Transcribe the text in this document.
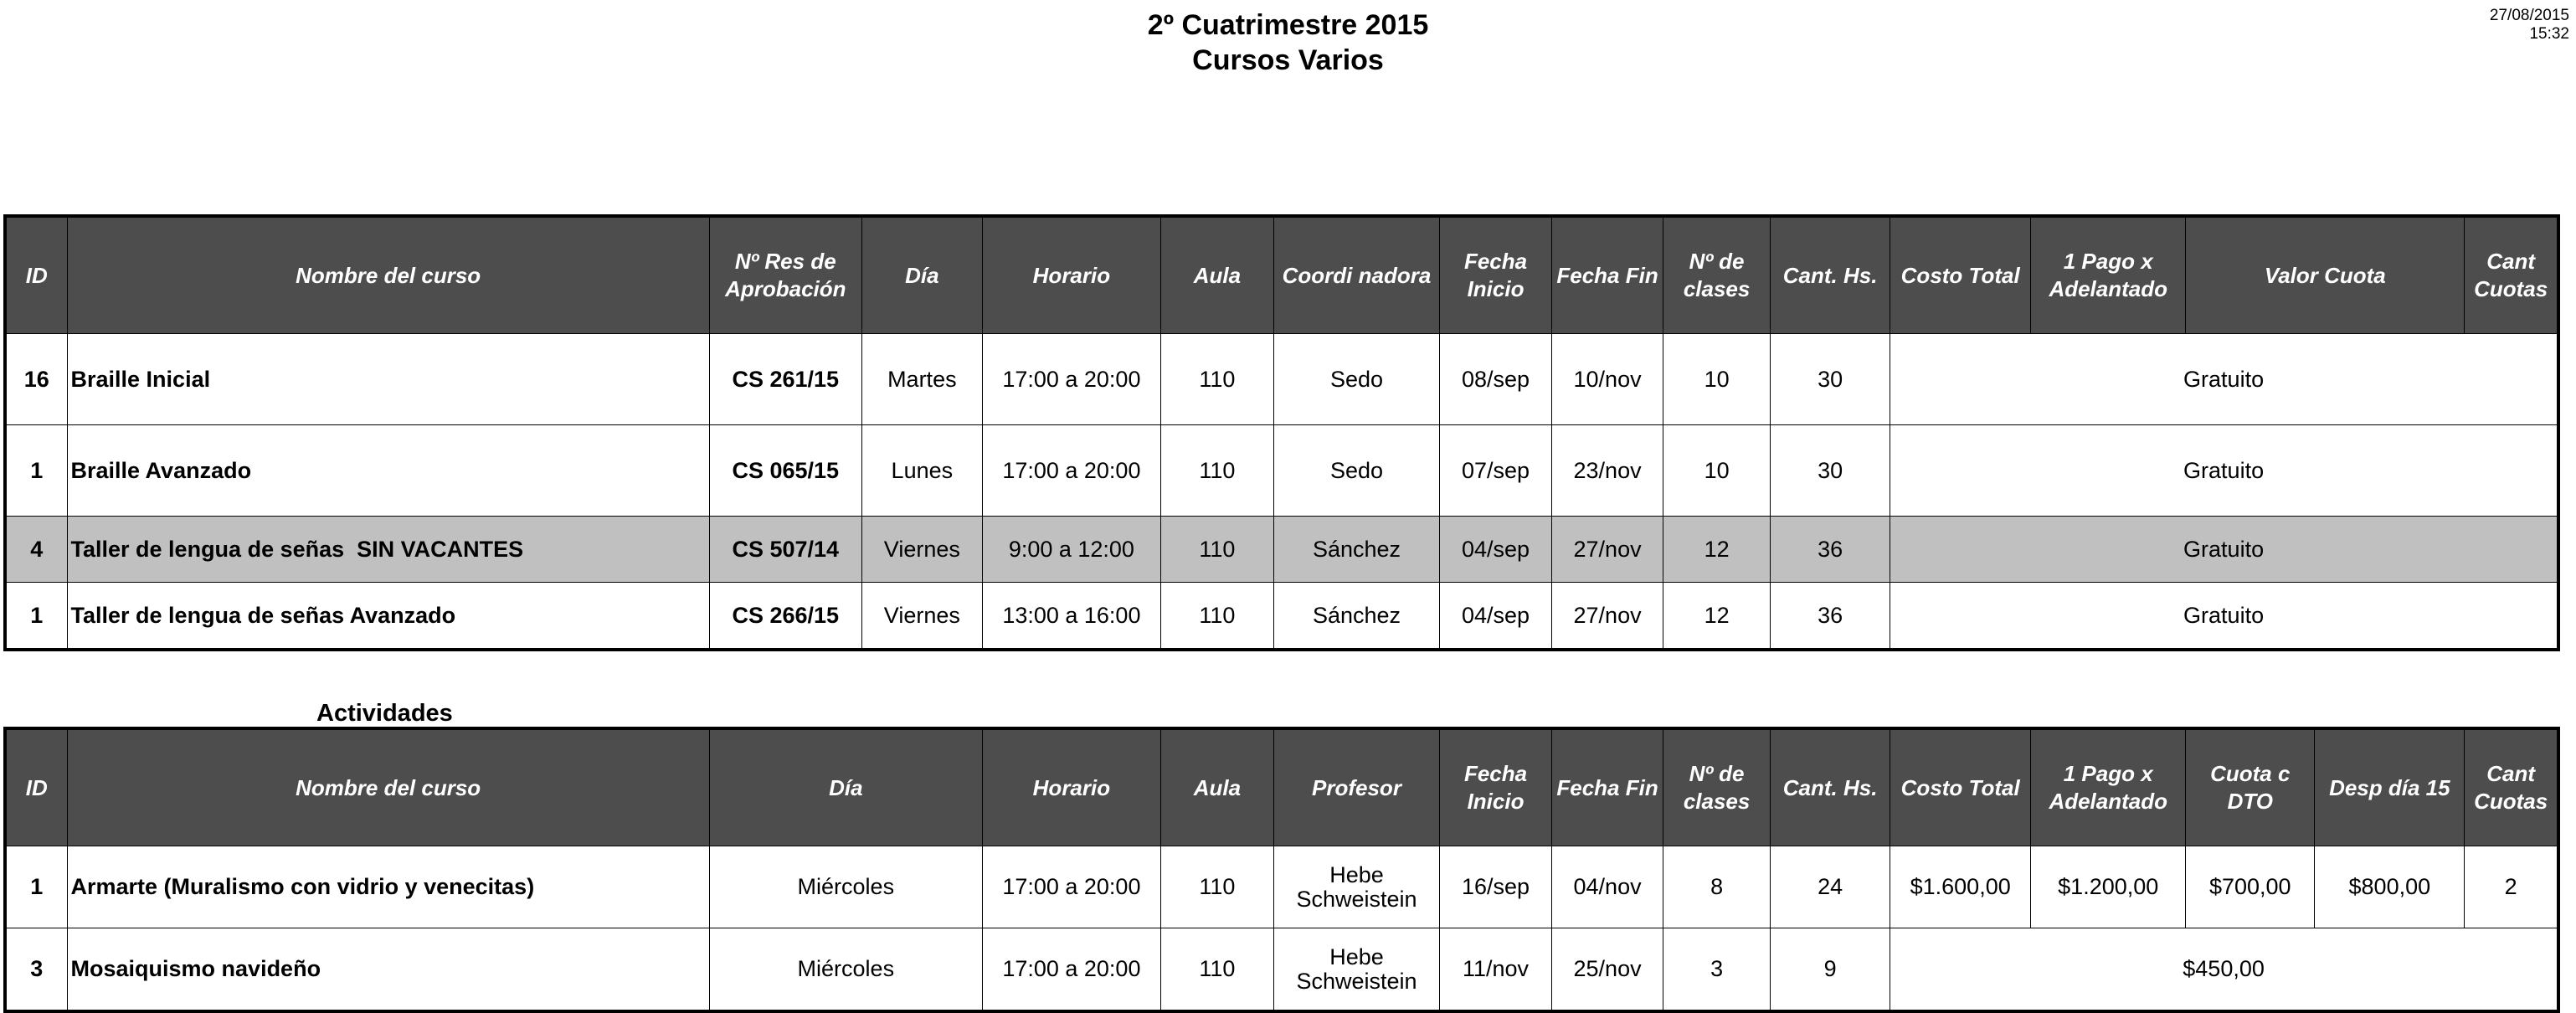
2º Cuatrimestre 2015
Cursos Varios
27/08/2015
15:32
ID	Nombre del curso	Nº Res de Aprobación	Día	Horario	Aula	Coordi nadora	Fecha Inicio	Fecha Fin	Nº de clases	Cant. Hs.	Costo Total	1 Pago x Adelantado	Valor Cuota	Cant Cuotas
16	Braille Inicial	CS 261/15	Martes	17:00 a 20:00	110	Sedo	08/sep	10/nov	10	30	Gratuito			
1	Braille Avanzado	CS 065/15	Lunes	17:00 a 20:00	110	Sedo	07/sep	23/nov	10	30	Gratuito			
4	Taller de lengua de señas  SIN VACANTES	CS 507/14	Viernes	9:00 a 12:00	110	Sánchez	04/sep	27/nov	12	36	Gratuito			
1	Taller de lengua de señas Avanzado	CS 266/15	Viernes	13:00 a 16:00	110	Sánchez	04/sep	27/nov	12	36	Gratuito			
Actividades
ID	Nombre del curso	Día	Horario	Aula	Profesor	Fecha Inicio	Fecha Fin	Nº de clases	Cant. Hs.	Costo Total	1 Pago x Adelantado	Cuota c DTO	Desp día 15	Cant Cuotas
1	Armarte (Muralismo con vidrio y venecitas)	Miércoles	17:00 a 20:00	110	Hebe Schweistein	16/sep	04/nov	8	24	$1.600,00	$1.200,00	$700,00	$800,00	2
3	Mosaiquismo navideño	Miércoles	17:00 a 20:00	110	Hebe Schweistein	11/nov	25/nov	3	9	$450,00				
